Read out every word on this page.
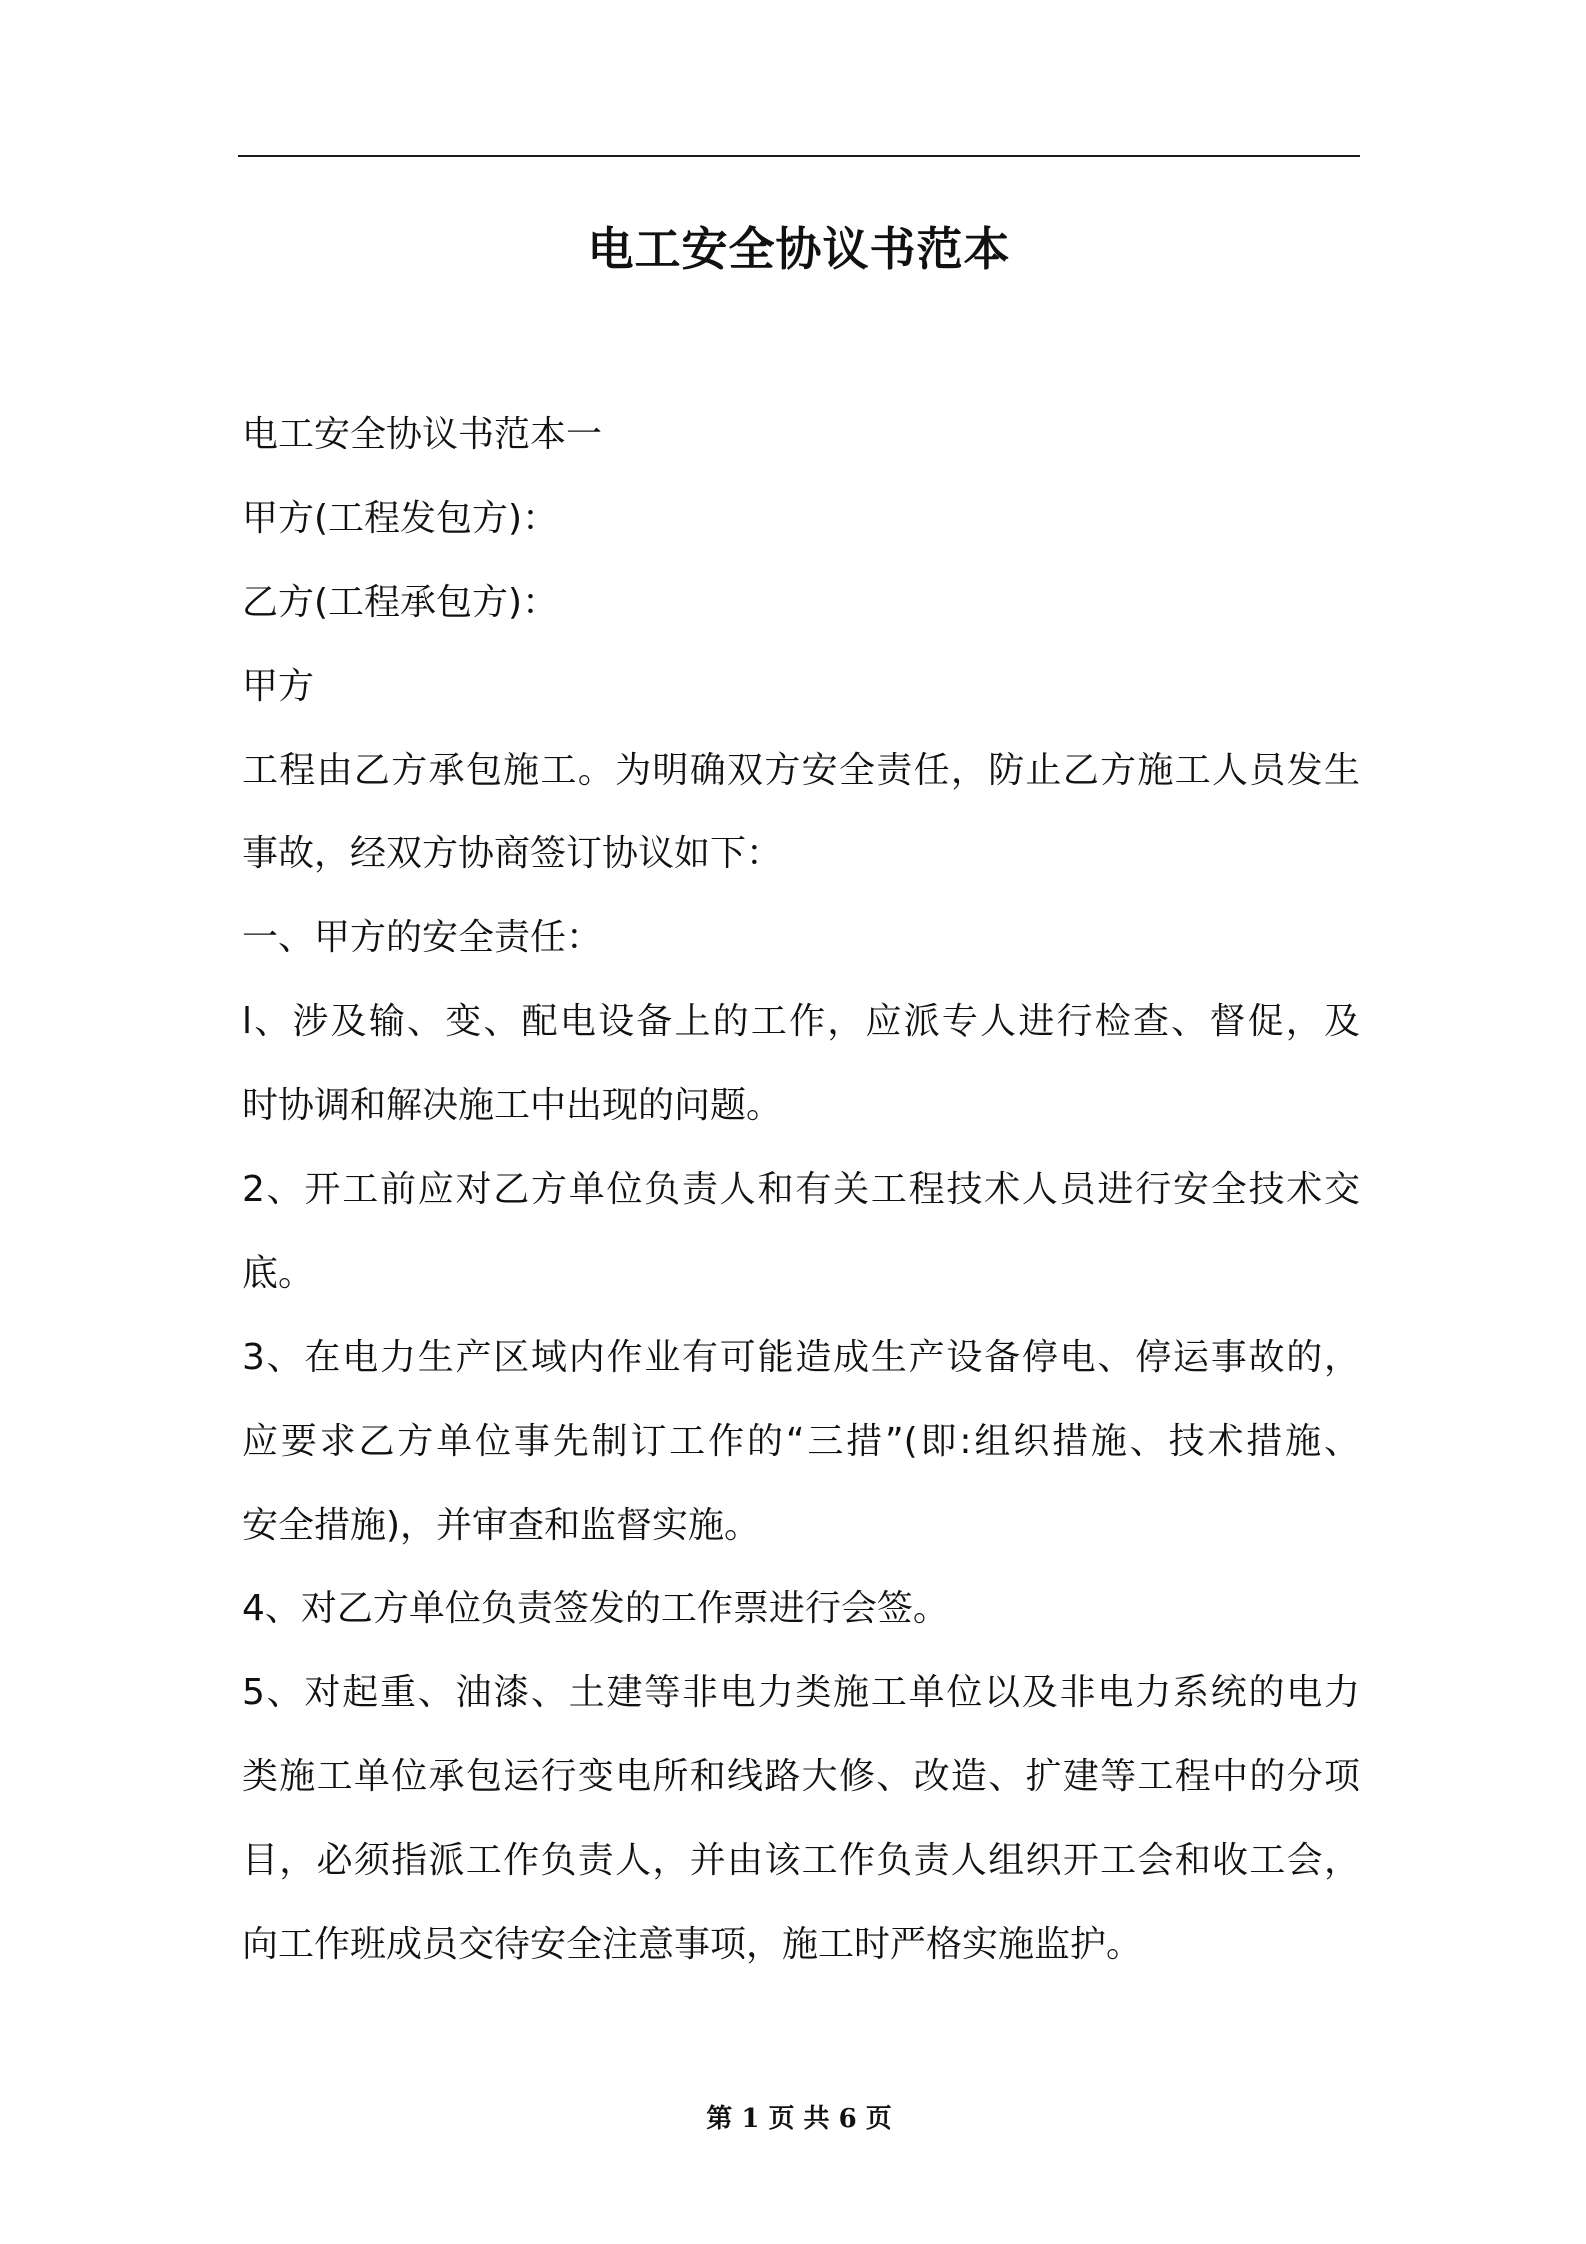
电工安全协议书范本
电工安全协议书范本一
甲方(工程发包方)：
乙方(工程承包方)：
甲方
工程由乙方承包施工。为明确双方安全责任，防止乙方施工人员发生
事故，经双方协商签订协议如下：
一、甲方的安全责任：
l、涉及输、变、配电设备上的工作，应派专人进行检查、督促，及
时协调和解决施工中出现的问题。
2、开工前应对乙方单位负责人和有关工程技术人员进行安全技术交
底。
3、在电力生产区域内作业有可能造成生产设备停电、停运事故的，
应要求乙方单位事先制订工作的“三措”(即:组织措施、技术措施、
安全措施)，并审查和监督实施。
4、对乙方单位负责签发的工作票进行会签。
5、对起重、油漆、土建等非电力类施工单位以及非电力系统的电力
类施工单位承包运行变电所和线路大修、改造、扩建等工程中的分项
目，必须指派工作负责人，并由该工作负责人组织开工会和收工会，
向工作班成员交待安全注意事项，施工时严格实施监护。
第 1 页 共 6 页
